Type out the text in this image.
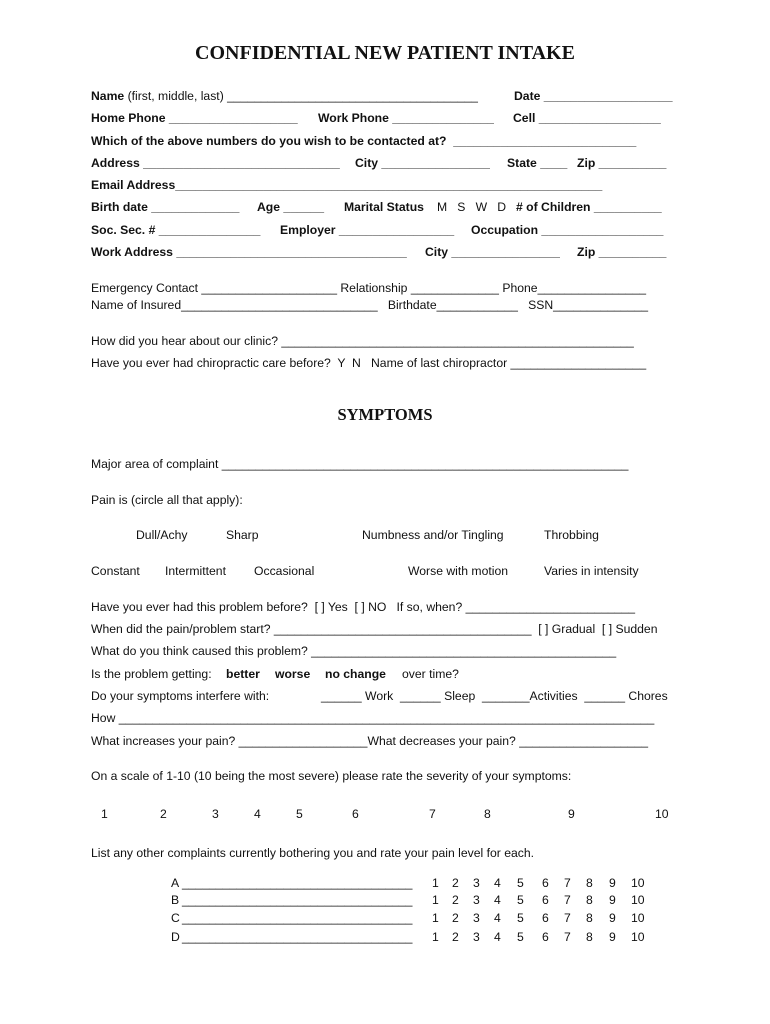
CONFIDENTIAL NEW PATIENT INTAKE
Name (first, middle, last) _____________________________________	Date ___________________
Home Phone ___________________ Work Phone _______________ Cell __________________
Which of the above numbers do you wish to be contacted at?  ___________________________
Address _____________________________ City ________________ State ____ Zip __________
Email Address_______________________________________________________________
Birth date _____________ Age ______ Marital Status M   S   W   D # of Children __________
Soc. Sec. # _______________ Employer _________________ Occupation __________________
Work Address __________________________________ City ________________ Zip __________
Emergency Contact ____________________ Relationship _____________ Phone________________
Name of Insured_____________________________   Birthdate____________   SSN______________
How did you hear about our clinic? ____________________________________________________
Have you ever had chiropractic care before?  Y  N   Name of last chiropractor ____________________
SYMPTOMS
Major area of complaint ____________________________________________________________
Pain is (circle all that apply):
Dull/Achy	Sharp	Numbness and/or Tingling	Throbbing
Constant Intermittent Occasional	Worse with motion	Varies in intensity
Have you ever had this problem before?  [ ] Yes  [ ] NO   If so, when? _________________________
When did the pain/problem start? ______________________________________  [ ] Gradual  [ ] Sudden
What do you think caused this problem? _____________________________________________
Is the problem getting: better worse no change over time?
Do your symptoms interfere with:	______ Work  ______ Sleep  _______Activities  ______ Chores
How _______________________________________________________________________________
What increases your pain? ___________________What decreases your pain? ___________________
On a scale of 1-10 (10 being the most severe) please rate the severity of your symptoms:
1	2	3	4	5	6	7	8	9	10
List any other complaints currently bothering you and rate your pain level for each.
A __________________________________ 1 2 3 4 5 6 7 8 9 10
B __________________________________ 1 2 3 4 5 6 7 8 9 10
C __________________________________ 1 2 3 4 5 6 7 8 9 10
D __________________________________ 1 2 3 4 5 6 7 8 9 10
